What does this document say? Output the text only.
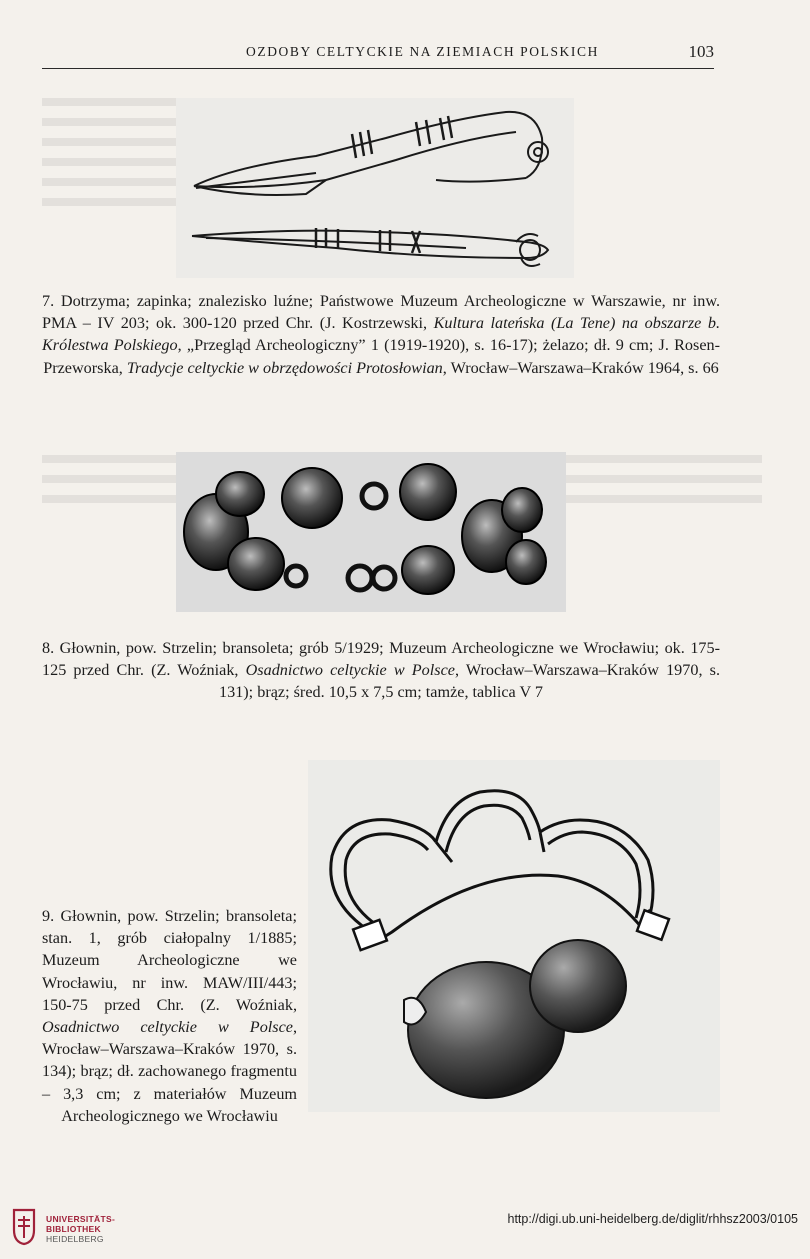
OZDOBY CELTYCKIE NA ZIEMIACH POLSKICH	103
7. Dotrzyma; zapinka; znalezisko luźne; Państwowe Muzeum Archeologiczne w Warszawie, nr inw. PMA – IV 203; ok. 300-120 przed Chr. (J. Kostrzewski, Kultura lateńska (La Tene) na obszarze b. Królestwa Polskiego, „Przegląd Archeologiczny” 1 (1919-1920), s. 16-17); żelazo; dł. 9 cm; J. Rosen-Przeworska, Tradycje celtyckie w obrzędowości Protosłowian, Wrocław–Warszawa–Kraków 1964, s. 66
8. Głownin, pow. Strzelin; bransoleta; grób 5/1929; Muzeum Archeologiczne we Wrocławiu; ok. 175-125 przed Chr. (Z. Woźniak, Osadnictwo celtyckie w Polsce, Wrocław–Warszawa–Kraków 1970, s. 131); brąz; śred. 10,5 x 7,5 cm; tamże, tablica V 7
9. Głownin, pow. Strzelin; bransoleta; stan. 1, grób ciałopalny 1/1885; Muzeum Archeologiczne we Wrocławiu, nr inw. MAW/III/443; 150-75 przed Chr. (Z. Woźniak, Osadnictwo celtyckie w Polsce, Wrocław–Warszawa–Kraków 1970, s. 134); brąz; dł. zachowanego fragmentu – 3,3 cm; z materiałów Muzeum Archeologicznego we Wrocławiu
UNIVERSITÄTS-
BIBLIOTHEK
HEIDELBERG
http://digi.ub.uni-heidelberg.de/diglit/rhhsz2003/0105
